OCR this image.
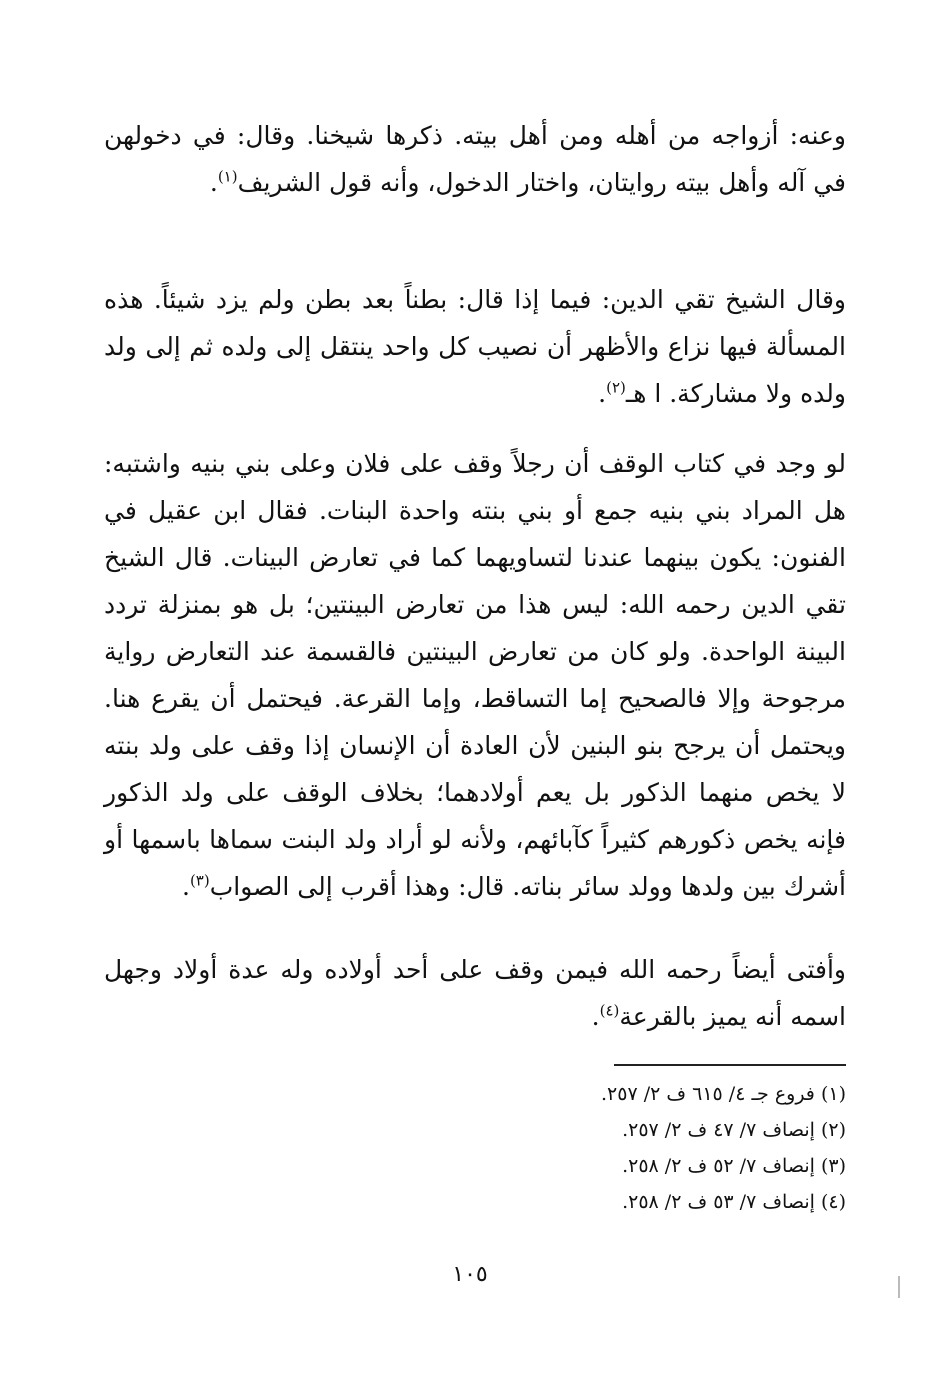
وعنه: أزواجه من أهله ومن أهل بيته. ذكرها شيخنا. وقال: في دخولهن في آله وأهل بيته روايتان، واختار الدخول، وأنه قول الشريف$^{(١)}$.

وقال الشيخ تقي الدين: فيما إذا قال: بطناً بعد بطن ولم يزد شيئاً. هذه المسألة فيها نزاع والأظهر أن نصيب كل واحد ينتقل إلى ولده ثم إلى ولد ولده ولا مشاركة. ا هـ$^{(٢)}$.

لو وجد في كتاب الوقف أن رجلاً وقف على فلان وعلى بني بنيه واشتبه: هل المراد بني بنيه جمع أو بني بنته واحدة البنات. فقال ابن عقيل في الفنون: يكون بينهما عندنا لتساويهما كما في تعارض البينات. قال الشيخ تقي الدين رحمه الله: ليس هذا من تعارض البينتين؛ بل هو بمنزلة تردد البينة الواحدة. ولو كان من تعارض البينتين فالقسمة عند التعارض رواية مرجوحة وإلا فالصحيح إما التساقط، وإما القرعة. فيحتمل أن يقرع هنا. ويحتمل أن يرجح بنو البنين لأن العادة أن الإنسان إذا وقف على ولد بنته لا يخص منهما الذكور بل يعم أولادهما؛ بخلاف الوقف على ولد الذكور فإنه يخص ذكورهم كثيراً كآبائهم، ولأنه لو أراد ولد البنت سماها باسمها أو أشرك بين ولدها وولد سائر بناته. قال: وهذا أقرب إلى الصواب$^{(٣)}$.

وأفتى أيضاً رحمه الله فيمن وقف على أحد أولاده وله عدة أولاد وجهل اسمه أنه يميز بالقرعة$^{(٤)}$.

(١) فروع جـ ٤/ ٦١٥ ف ٢/ ٢٥٧.
(٢) إنصاف ٧/ ٤٧ ف ٢/ ٢٥٧.
(٣) إنصاف ٧/ ٥٢ ف ٢/ ٢٥٨.
(٤) إنصاف ٧/ ٥٣ ف ٢/ ٢٥٨.
١٠٥
